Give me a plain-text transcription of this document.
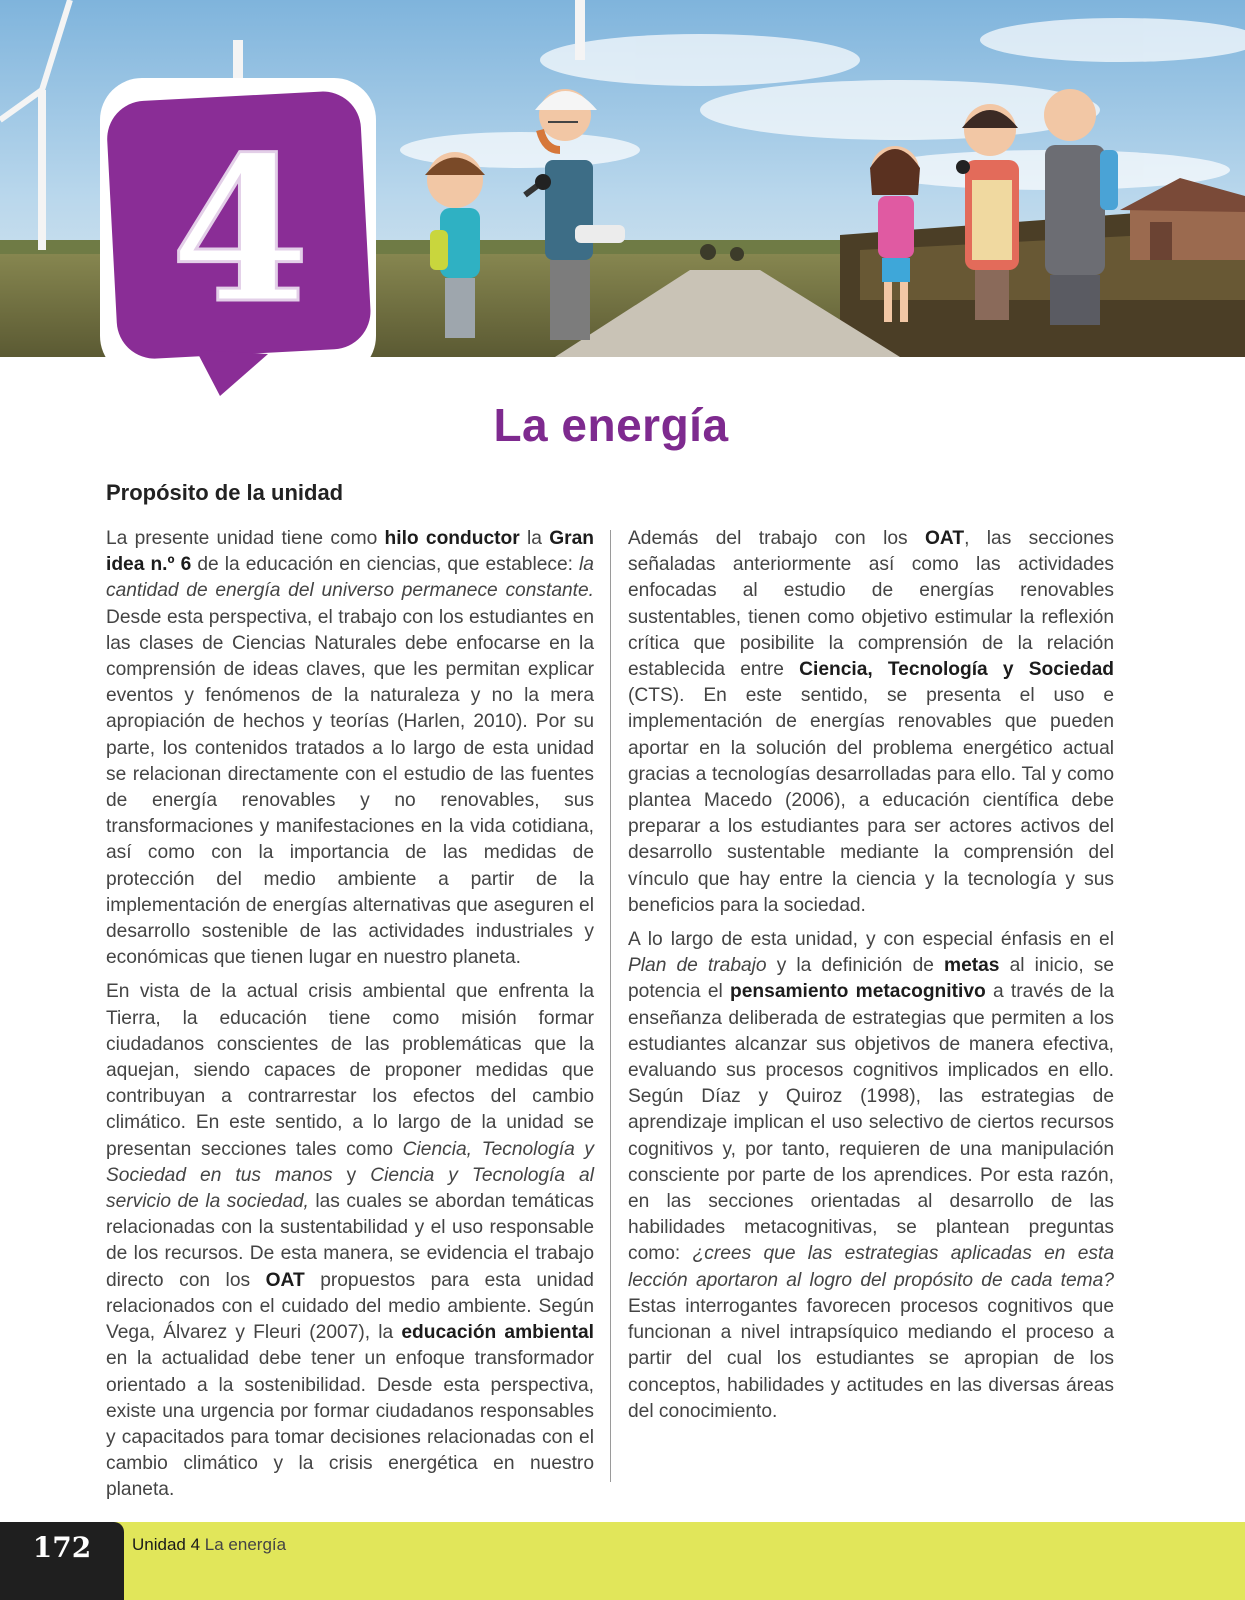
4
La energía
Propósito de la unidad

La presente unidad tiene como hilo conductor la Gran idea n.º 6 de la educación en ciencias, que establece: la cantidad de energía del universo permanece constante. Desde esta perspectiva, el trabajo con los estudiantes en las clases de Ciencias Naturales debe enfocarse en la comprensión de ideas claves, que les permitan explicar eventos y fenómenos de la naturaleza y no la mera apropiación de hechos y teorías (Harlen, 2010). Por su parte, los contenidos tratados a lo largo de esta unidad se relacionan directamente con el estudio de las fuentes de energía renovables y no renovables, sus transformaciones y manifestaciones en la vida cotidiana, así como con la importancia de las medidas de protección del medio ambiente a partir de la implementación de energías alternativas que aseguren el desarrollo sostenible de las actividades industriales y económicas que tienen lugar en nuestro planeta.

En vista de la actual crisis ambiental que enfrenta la Tierra, la educación tiene como misión formar ciudadanos conscientes de las problemáticas que la aquejan, siendo capaces de proponer medidas que contribuyan a contrarrestar los efectos del cambio climático. En este sentido, a lo largo de la unidad se presentan secciones tales como Ciencia, Tecnología y Sociedad en tus manos y Ciencia y Tecnología al servicio de la sociedad, las cuales se abordan temáticas relacionadas con la sustentabilidad y el uso responsable de los recursos. De esta manera, se evidencia el trabajo directo con los OAT propuestos para esta unidad relacionados con el cuidado del medio ambiente. Según Vega, Álvarez y Fleuri (2007), la educación ambiental en la actualidad debe tener un enfoque transformador orientado a la sostenibilidad. Desde esta perspectiva, existe una urgencia por formar ciudadanos responsables y capacitados para tomar decisiones relacionadas con el cambio climático y la crisis energética en nuestro planeta.

Además del trabajo con los OAT, las secciones señaladas anteriormente así como las actividades enfocadas al estudio de energías renovables sustentables, tienen como objetivo estimular la reflexión crítica que posibilite la comprensión de la relación establecida entre Ciencia, Tecnología y Sociedad (CTS). En este sentido, se presenta el uso e implementación de energías renovables que pueden aportar en la solución del problema energético actual gracias a tecnologías desarrolladas para ello. Tal y como plantea Macedo (2006), a educación científica debe preparar a los estudiantes para ser actores activos del desarrollo sustentable mediante la comprensión del vínculo que hay entre la ciencia y la tecnología y sus beneficios para la sociedad.

A lo largo de esta unidad, y con especial énfasis en el Plan de trabajo y la definición de metas al inicio, se potencia el pensamiento metacognitivo a través de la enseñanza deliberada de estrategias que permiten a los estudiantes alcanzar sus objetivos de manera efectiva, evaluando sus procesos cognitivos implicados en ello. Según Díaz y Quiroz (1998), las estrategias de aprendizaje implican el uso selectivo de ciertos recursos cognitivos y, por tanto, requieren de una manipulación consciente por parte de los aprendices. Por esta razón, en las secciones orientadas al desarrollo de las habilidades metacognitivas, se plantean preguntas como: ¿crees que las estrategias aplicadas en esta lección aportaron al logro del propósito de cada tema? Estas interrogantes favorecen procesos cognitivos que funcionan a nivel intrapsíquico mediando el proceso a partir del cual los estudiantes se apropian de los conceptos, habilidades y actitudes en las diversas áreas del conocimiento.

172	Unidad 4 La energía
